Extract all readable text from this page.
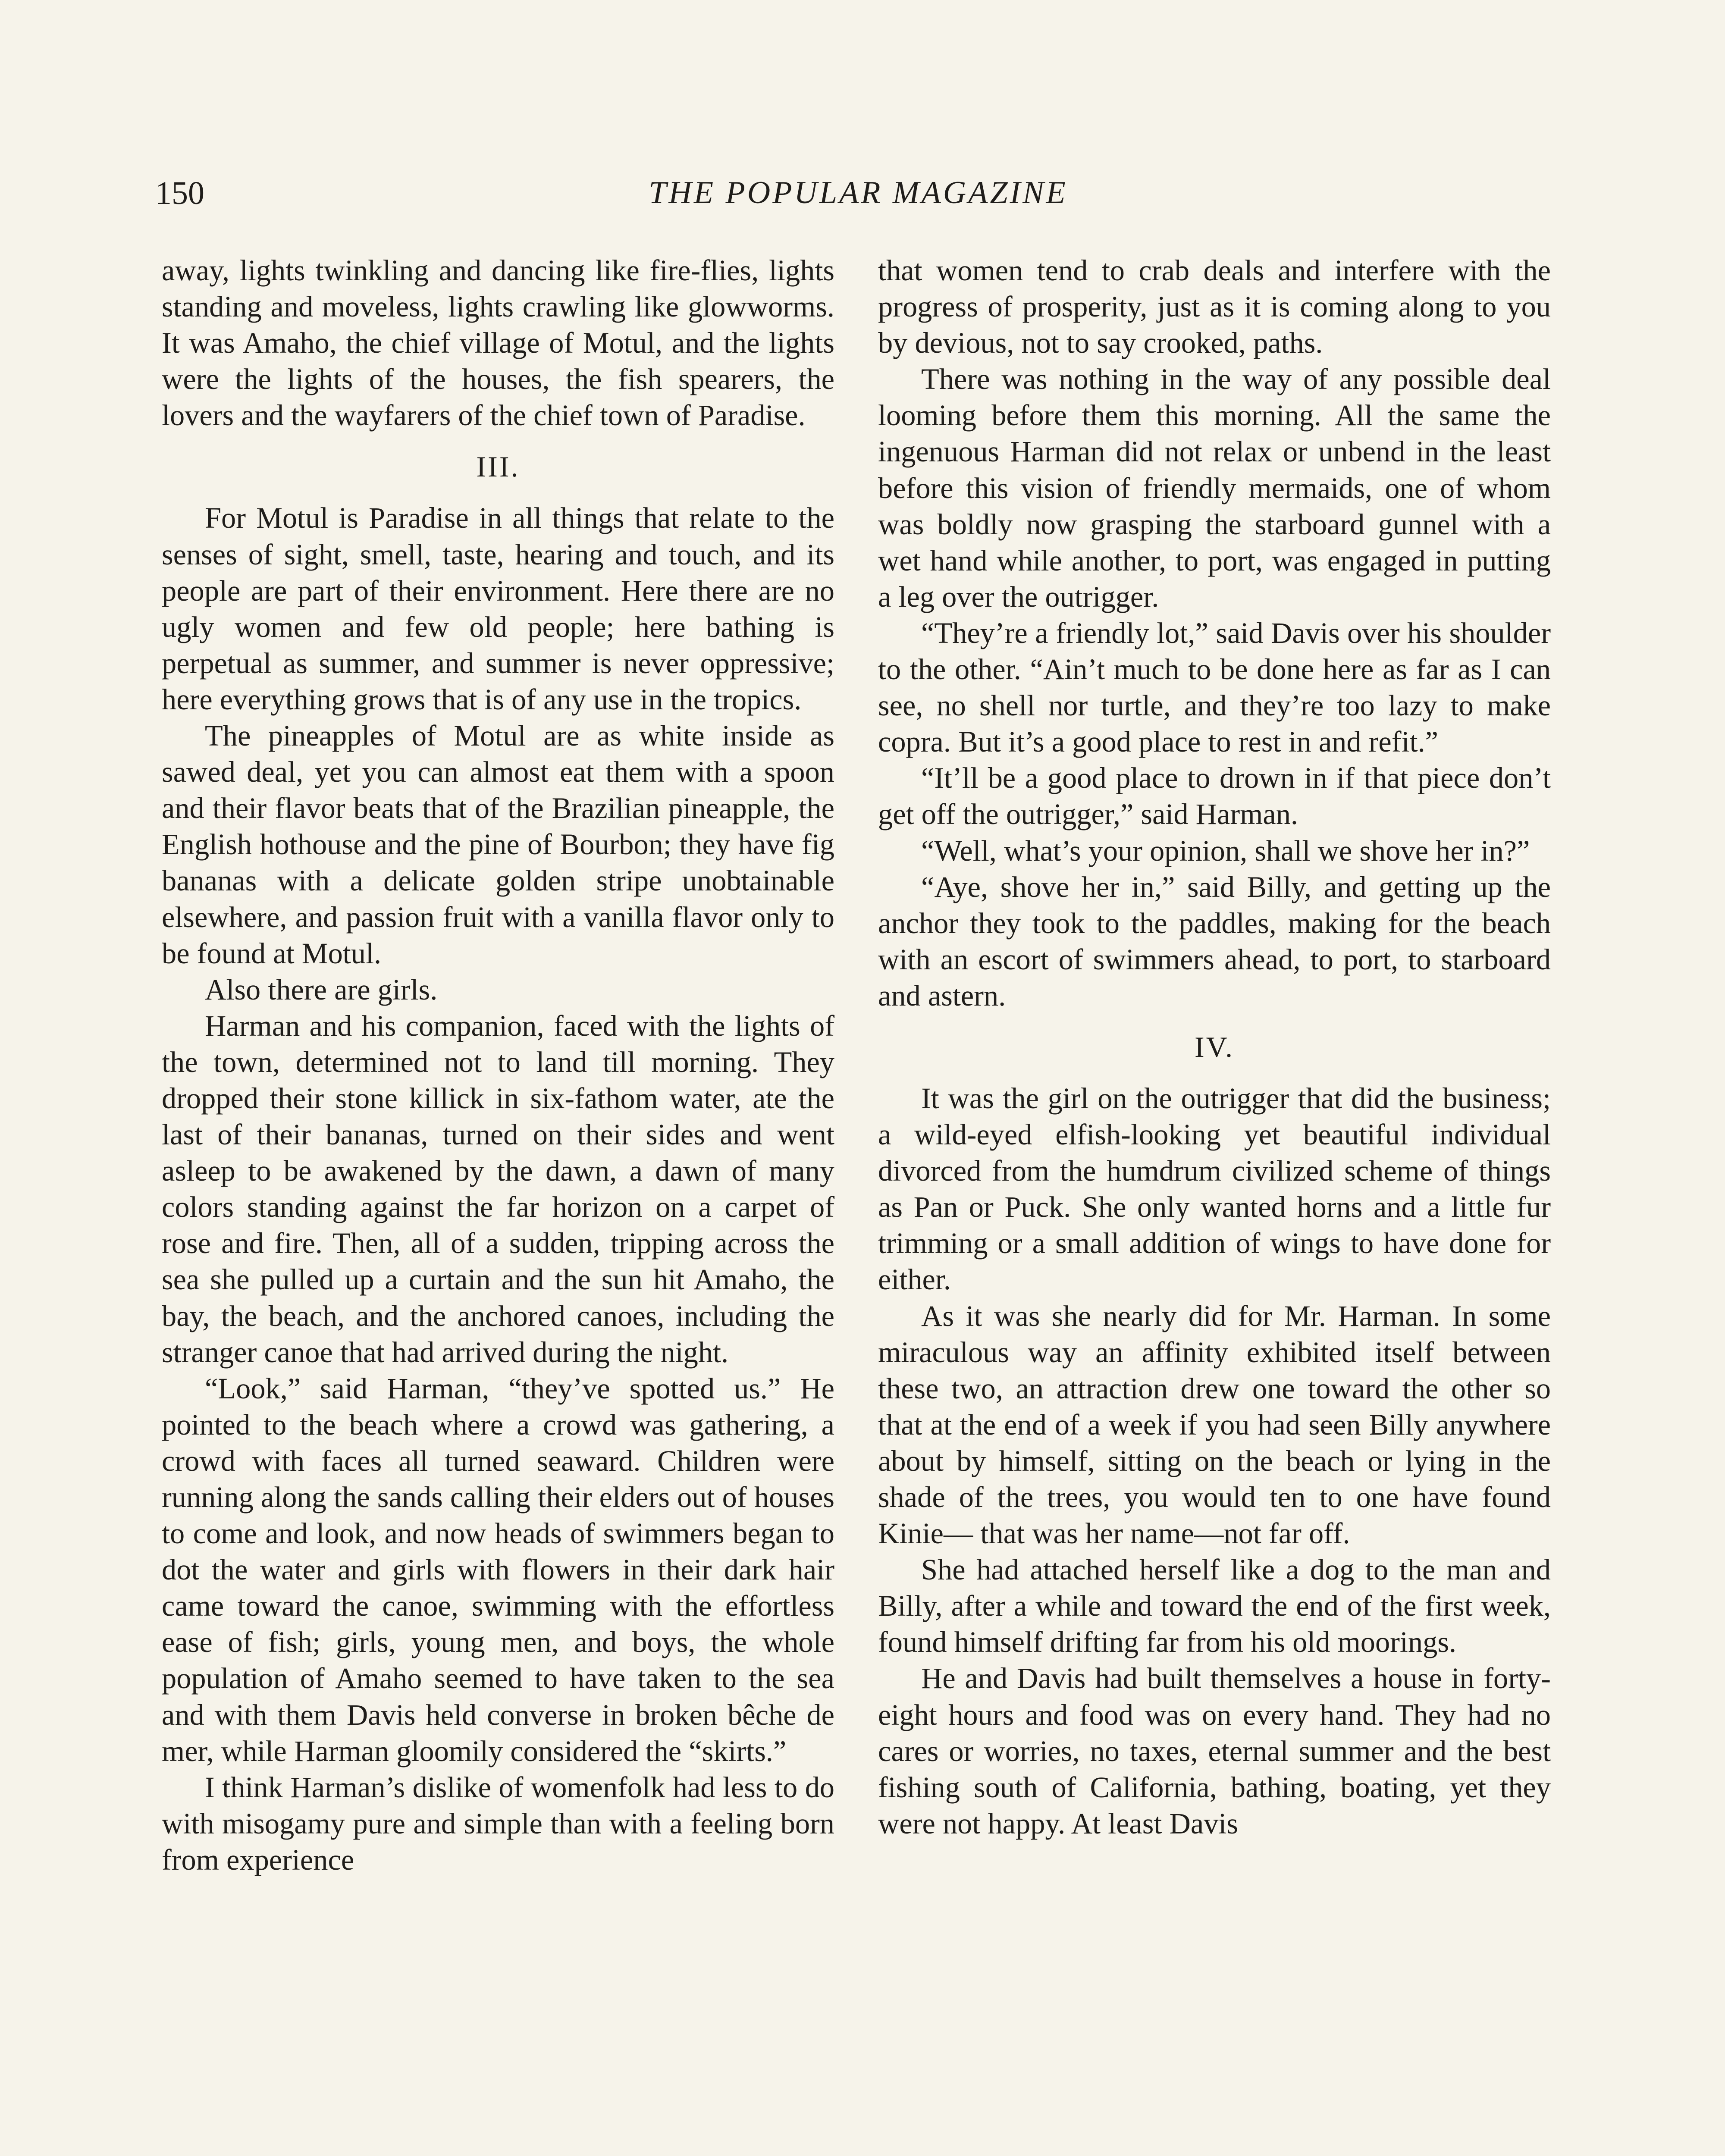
150	THE POPULAR MAGAZINE

away, lights twinkling and dancing like fire-flies, lights standing and moveless, lights crawling like glowworms. It was Amaho, the chief village of Motul, and the lights were the lights of the houses, the fish spearers, the lovers and the wayfarers of the chief town of Paradise.

III.

For Motul is Paradise in all things that relate to the senses of sight, smell, taste, hearing and touch, and its people are part of their environment. Here there are no ugly women and few old people; here bathing is perpetual as summer, and summer is never oppressive; here everything grows that is of any use in the tropics.

The pineapples of Motul are as white inside as sawed deal, yet you can almost eat them with a spoon and their flavor beats that of the Brazilian pineapple, the English hothouse and the pine of Bourbon; they have fig bananas with a delicate golden stripe unobtainable elsewhere, and passion fruit with a vanilla flavor only to be found at Motul.

Also there are girls.

Harman and his companion, faced with the lights of the town, determined not to land till morning. They dropped their stone killick in six-fathom water, ate the last of their bananas, turned on their sides and went asleep to be awakened by the dawn, a dawn of many colors standing against the far horizon on a carpet of rose and fire. Then, all of a sudden, tripping across the sea she pulled up a curtain and the sun hit Amaho, the bay, the beach, and the anchored canoes, including the stranger canoe that had arrived during the night.

“Look,” said Harman, “they’ve spotted us.” He pointed to the beach where a crowd was gathering, a crowd with faces all turned seaward. Children were running along the sands calling their elders out of houses to come and look, and now heads of swimmers began to dot the water and girls with flowers in their dark hair came toward the canoe, swimming with the effortless ease of fish; girls, young men, and boys, the whole population of Amaho seemed to have taken to the sea and with them Davis held converse in broken bêche de mer, while Harman gloomily considered the “skirts.”

I think Harman’s dislike of womenfolk had less to do with misogamy pure and simple than with a feeling born from experience

that women tend to crab deals and interfere with the progress of prosperity, just as it is coming along to you by devious, not to say crooked, paths.

There was nothing in the way of any possible deal looming before them this morning. All the same the ingenuous Harman did not relax or unbend in the least before this vision of friendly mermaids, one of whom was boldly now grasping the starboard gunnel with a wet hand while another, to port, was engaged in putting a leg over the outrigger.

“They’re a friendly lot,” said Davis over his shoulder to the other. “Ain’t much to be done here as far as I can see, no shell nor turtle, and they’re too lazy to make copra. But it’s a good place to rest in and refit.”

“It’ll be a good place to drown in if that piece don’t get off the outrigger,” said Harman.

“Well, what’s your opinion, shall we shove her in?”

“Aye, shove her in,” said Billy, and getting up the anchor they took to the paddles, making for the beach with an escort of swimmers ahead, to port, to starboard and astern.

IV.

It was the girl on the outrigger that did the business; a wild-eyed elfish-looking yet beautiful individual divorced from the humdrum civilized scheme of things as Pan or Puck. She only wanted horns and a little fur trimming or a small addition of wings to have done for either.

As it was she nearly did for Mr. Harman. In some miraculous way an affinity exhibited itself between these two, an attraction drew one toward the other so that at the end of a week if you had seen Billy anywhere about by himself, sitting on the beach or lying in the shade of the trees, you would ten to one have found Kinie— that was her name—not far off.

She had attached herself like a dog to the man and Billy, after a while and toward the end of the first week, found himself drifting far from his old moorings.

He and Davis had built themselves a house in forty-eight hours and food was on every hand. They had no cares or worries, no taxes, eternal summer and the best fishing south of California, bathing, boating, yet they were not happy. At least Davis
